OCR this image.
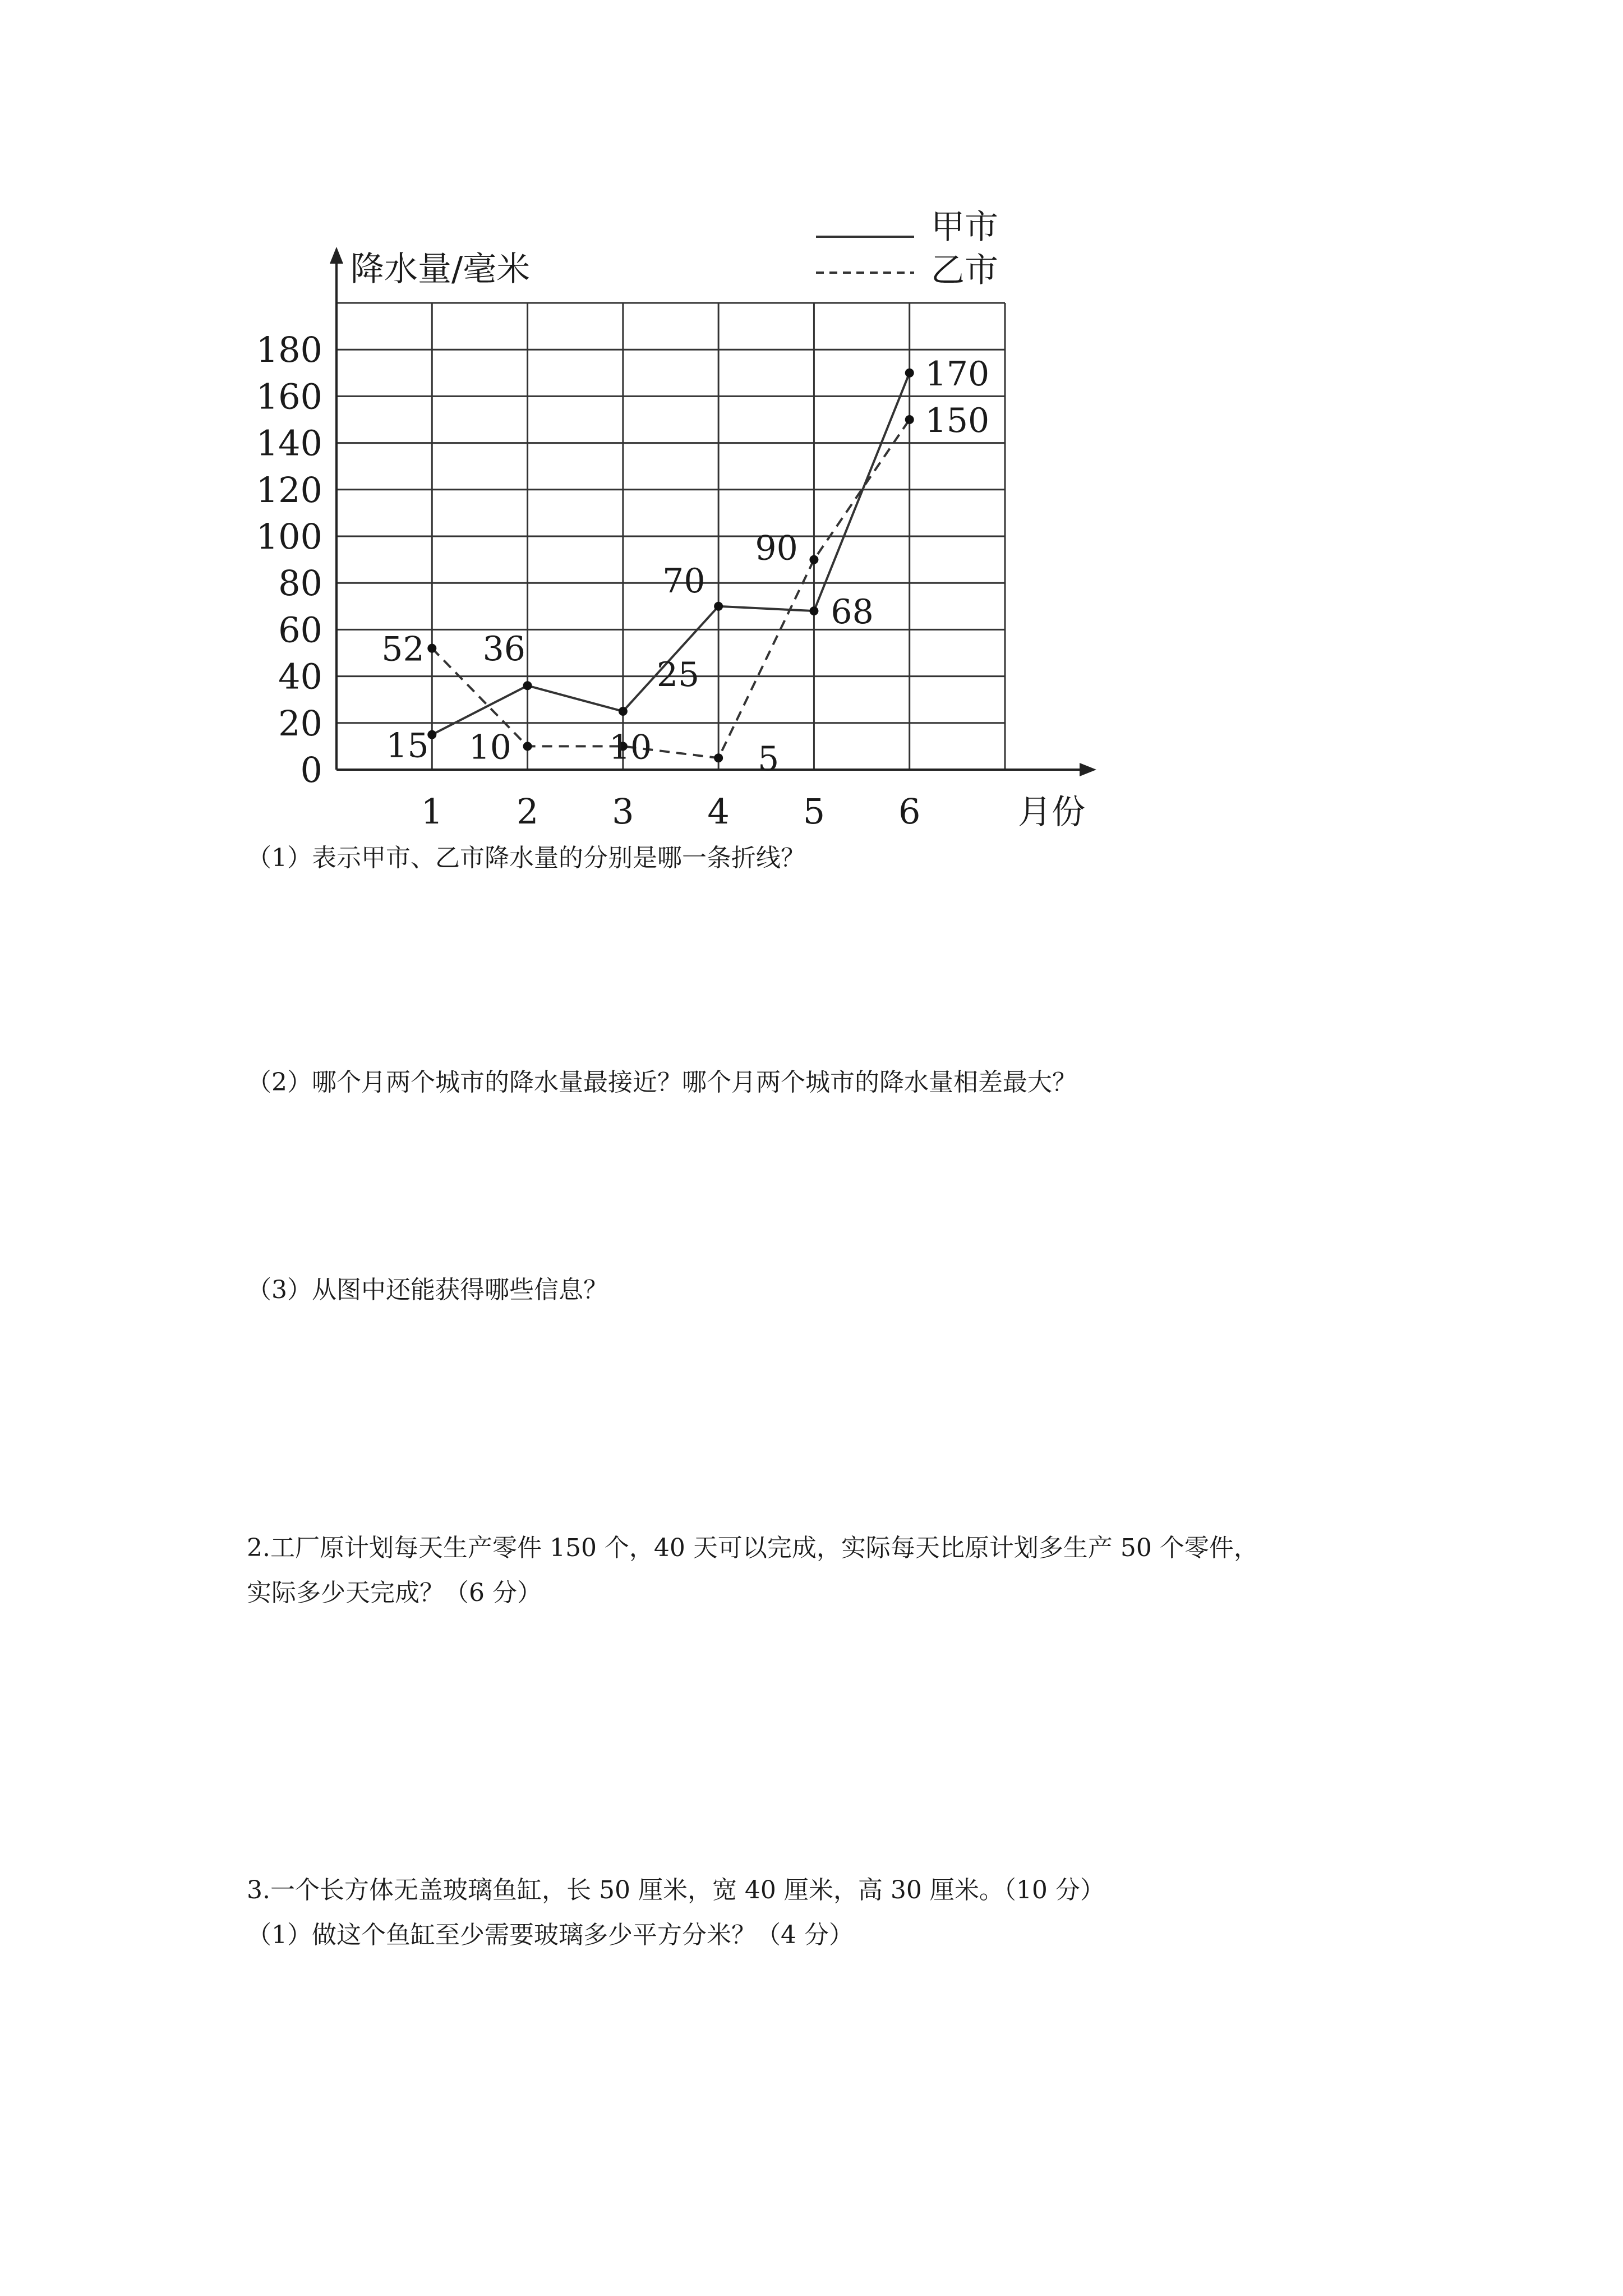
0
20
40
60
80
100
120
140
160
180
1 2 3 4 5 6
降水量/毫米
月份
15
36
25
70
68
170
52
10	10	5
90
150
甲市
乙市
（1）表示甲市、乙市降水量的分别是哪一条折线？
（2）哪个月两个城市的降水量最接近？哪个月两个城市的降水量相差最大？
（3）从图中还能获得哪些信息？
2.工厂原计划每天生产零件 150 个，40 天可以完成，实际每天比原计划多生产 50 个零件，
实际多少天完成？（6 分）
3.一个长方体无盖玻璃鱼缸，长 50 厘米，宽 40 厘米，高 30 厘米。（10 分）
（1）做这个鱼缸至少需要玻璃多少平方分米？（4 分）
